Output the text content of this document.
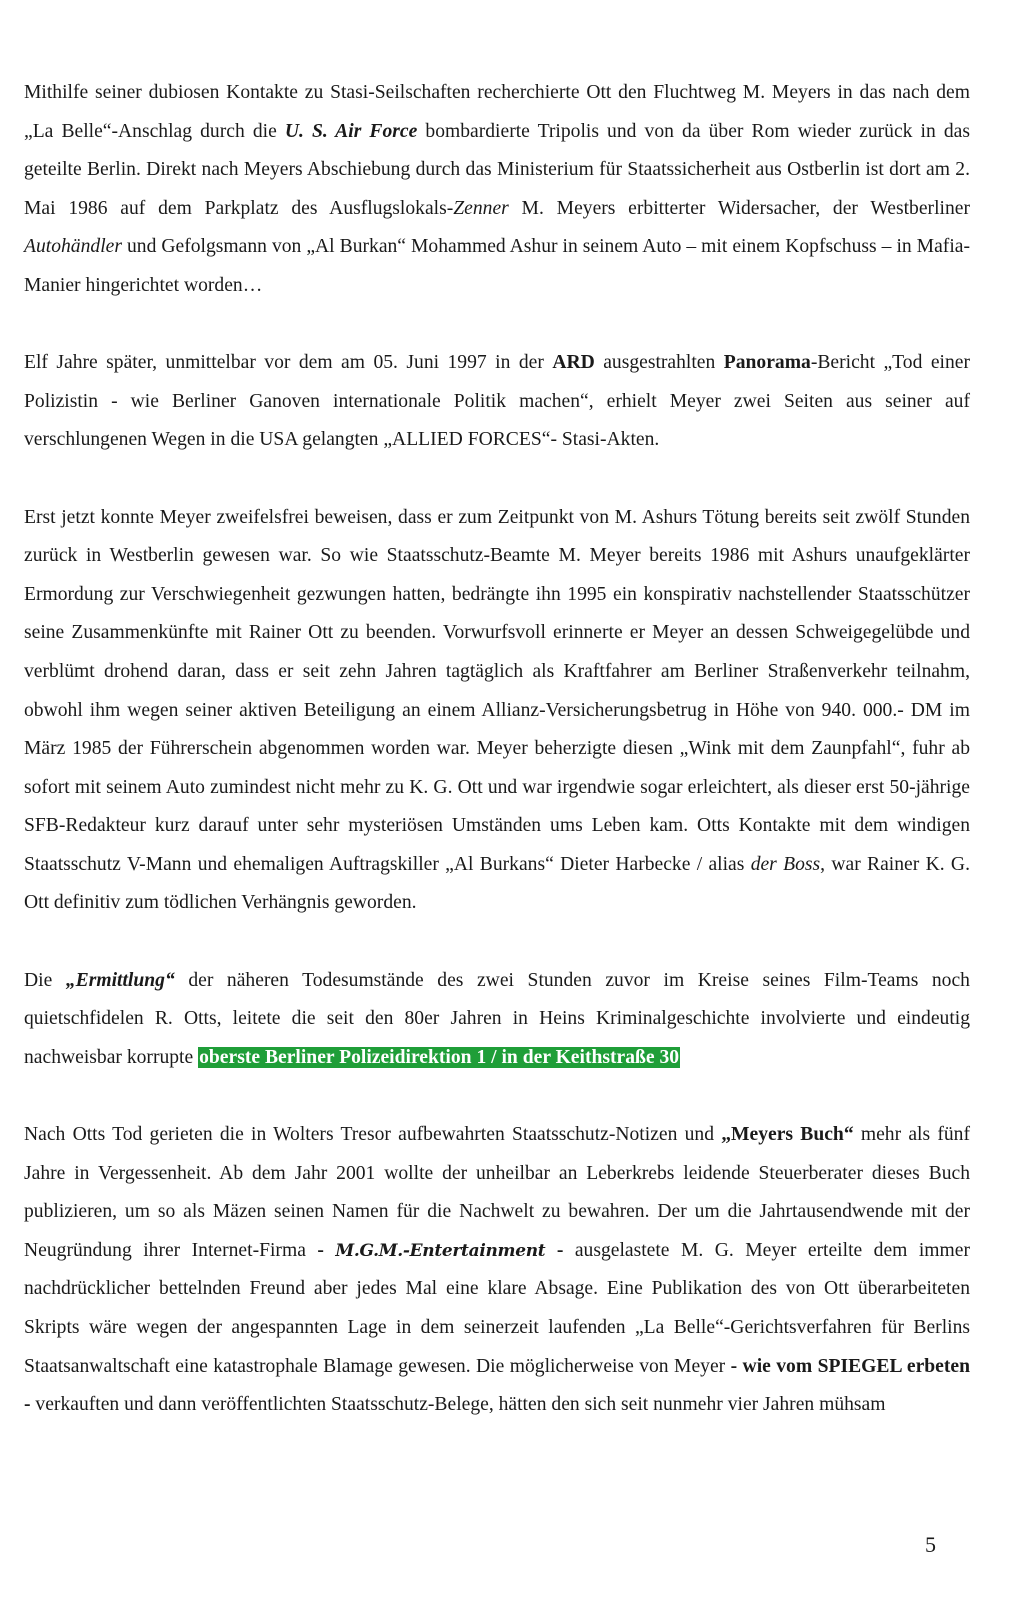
Mithilfe seiner dubiosen Kontakte zu Stasi-Seilschaften recherchierte Ott den Fluchtweg M. Meyers in das nach dem „La Belle“-Anschlag durch die U. S. Air Force bombardierte Tripolis und von da über Rom wieder zurück in das geteilte Berlin. Direkt nach Meyers Abschiebung durch das Ministerium für Staatssicherheit aus Ostberlin ist dort am 2. Mai 1986 auf dem Parkplatz des Ausflugslokals-Zenner M. Meyers erbitterter Widersacher, der Westberliner Autohändler und Gefolgsmann von „Al Burkan“ Mohammed Ashur in seinem Auto – mit einem Kopfschuss – in Mafia-Manier hingerichtet worden…

Elf Jahre später, unmittelbar vor dem am 05. Juni 1997 in der ARD ausgestrahlten Panorama-Bericht „Tod einer Polizistin - wie Berliner Ganoven internationale Politik machen“, erhielt Meyer zwei Seiten aus seiner auf verschlungenen Wegen in die USA gelangten „ALLIED FORCES“- Stasi-Akten.

Erst jetzt konnte Meyer zweifelsfrei beweisen, dass er zum Zeitpunkt von M. Ashurs Tötung bereits seit zwölf Stunden zurück in Westberlin gewesen war. So wie Staatsschutz-Beamte M. Meyer bereits 1986 mit Ashurs unaufgeklärter Ermordung zur Verschwiegenheit gezwungen hatten, bedrängte ihn 1995 ein konspirativ nachstellender Staatsschützer seine Zusammenkünfte mit Rainer Ott zu beenden. Vorwurfsvoll erinnerte er Meyer an dessen Schweigegelübde und verblümt drohend daran, dass er seit zehn Jahren tagtäglich als Kraftfahrer am Berliner Straßenverkehr teilnahm, obwohl ihm wegen seiner aktiven Beteiligung an einem Allianz-Versicherungsbetrug in Höhe von 940. 000.- DM im März 1985 der Führerschein abgenommen worden war. Meyer beherzigte diesen „Wink mit dem Zaunpfahl“, fuhr ab sofort mit seinem Auto zumindest nicht mehr zu K. G. Ott und war irgendwie sogar erleichtert, als dieser erst 50-jährige SFB-Redakteur kurz darauf unter sehr mysteriösen Umständen ums Leben kam. Otts Kontakte mit dem windigen Staatsschutz V-Mann und ehemaligen Auftragskiller „Al Burkans“ Dieter Harbecke / alias der Boss, war Rainer K. G. Ott definitiv zum tödlichen Verhängnis geworden.

Die „Ermittlung“ der näheren Todesumstände des zwei Stunden zuvor im Kreise seines Film-Teams noch quietschfidelen R. Otts, leitete die seit den 80er Jahren in Heins Kriminalgeschichte involvierte und eindeutig nachweisbar korrupte oberste Berliner Polizeidirektion 1 / in der Keithstraße 30

Nach Otts Tod gerieten die in Wolters Tresor aufbewahrten Staatsschutz-Notizen und „Meyers Buch“ mehr als fünf Jahre in Vergessenheit. Ab dem Jahr 2001 wollte der unheilbar an Leberkrebs leidende Steuerberater dieses Buch publizieren, um so als Mäzen seinen Namen für die Nachwelt zu bewahren. Der um die Jahrtausendwende mit der Neugründung ihrer Internet-Firma - M.G.M.-Entertainment - ausgelastete M. G. Meyer erteilte dem immer nachdrücklicher bettelnden Freund aber jedes Mal eine klare Absage. Eine Publikation des von Ott überarbeiteten Skripts wäre wegen der angespannten Lage in dem seinerzeit laufenden „La Belle“-Gerichtsverfahren für Berlins Staatsanwaltschaft eine katastrophale Blamage gewesen. Die möglicherweise von Meyer - wie vom SPIEGEL erbeten - verkauften und dann veröffentlichten Staatsschutz-Belege, hätten den sich seit nunmehr vier Jahren mühsam

5
